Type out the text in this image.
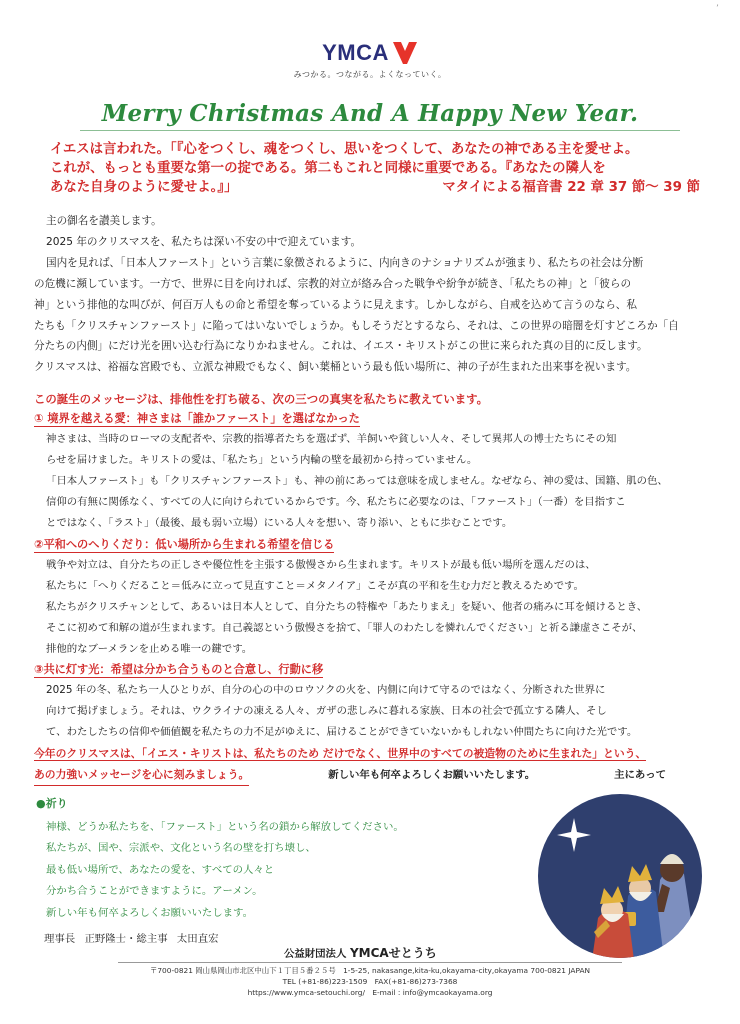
’
YMCA
みつかる。つながる。よくなっていく。
Merry Christmas And A Happy New Year.
イエスは言われた。「『心をつくし、魂をつくし、思いをつくして、あなたの神である主を愛せよ。
これが、もっとも重要な第一の掟である。第二もこれと同様に重要である。『あなたの隣人を
あなた自身のように愛せよ。』」	マタイによる福音書 22 章 37 節～ 39 節

主の御名を讃美します。

2025 年のクリスマスを、私たちは深い不安の中で迎えています。

国内を見れば、「日本人ファースト」という言葉に象徴されるように、内向きのナショナリズムが強まり、私たちの社会は分断
の危機に瀕しています。一方で、世界に目を向ければ、宗教的対立が絡み合った戦争や紛争が続き、「私たちの神」と「彼らの
神」という排他的な叫びが、何百万人もの命と希望を奪っているように見えます。しかしながら、自戒を込めて言うのなら、私
たちも「クリスチャンファースト」に陥ってはいないでしょうか。もしそうだとするなら、それは、この世界の暗闇を灯すどころか「自
分たちの内側」にだけ光を囲い込む行為になりかねません。これは、イエス・キリストがこの世に来られた真の目的に反します。
クリスマスは、裕福な宮殿でも、立派な神殿でもなく、飼い葉桶という最も低い場所に、神の子が生まれた出来事を祝います。
この誕生のメッセージは、排他性を打ち破る、次の三つの真実を私たちに教えています。
① 境界を越える愛：神さまは「誰かファースト」を選ばなかった
神さまは、当時のローマの支配者や、宗教的指導者たちを選ばず、羊飼いや貧しい人々、そして異邦人の博士たちにその知
らせを届けました。キリストの愛は、「私たち」という内輪の壁を最初から持っていません。
「日本人ファースト」も「クリスチャンファースト」も、神の前にあっては意味を成しません。なぜなら、神の愛は、国籍、肌の色、
信仰の有無に関係なく、すべての人に向けられているからです。今、私たちに必要なのは、「ファースト」（一番）を目指すこ
とではなく、「ラスト」（最後、最も弱い立場）にいる人々を想い、寄り添い、ともに歩むことです。
②平和へのへりくだり：低い場所から生まれる希望を信じる
戦争や対立は、自分たちの正しさや優位性を主張する傲慢さから生まれます。キリストが最も低い場所を選んだのは、
私たちに「へりくだること＝低みに立って見直すこと＝メタノイア」こそが真の平和を生む力だと教えるためです。
私たちがクリスチャンとして、あるいは日本人として、自分たちの特権や「あたりまえ」を疑い、他者の痛みに耳を傾けるとき、
そこに初めて和解の道が生まれます。自己義認という傲慢さを捨て、「罪人のわたしを憐れんでください」と祈る謙虚さこそが、
排他的なブーメランを止める唯一の鍵です。
③共に灯す光：希望は分かち合うものと合意し、行動に移
2025 年の冬、私たち一人ひとりが、自分の心の中のロウソクの火を、内側に向けて守るのではなく、分断された世界に
向けて掲げましょう。それは、ウクライナの凍える人々、ガザの悲しみに暮れる家族、日本の社会で孤立する隣人、そし
て、わたしたちの信仰や価値観を私たちの力不足がゆえに、届けることができていないかもしれない仲間たちに向けた光です。
今年のクリスマスは、「イエス・キリストは、私たちのため だけでなく、世界中のすべての被造物のために生まれた」という、
あの力強いメッセージを心に刻みましょう。	新しい年も何卒よろしくお願いいたします。	主にあって
●祈り
神様、どうか私たちを、「ファースト」という名の鎖から解放してください。
私たちが、国や、宗派や、文化という名の壁を打ち壊し、
最も低い場所で、あなたの愛を、すべての人々と
分かち合うことができますように。アーメン。
新しい年も何卒よろしくお願いいたします。
理事長 正野隆士・総主事 太田直宏
公益財団法人 YMCAせとうち
〒700-0821 岡山県岡山市北区中山下１丁目５番２５号　1-5-25, nakasange,kita-ku,okayama-city,okayama 700-0821 JAPAN
TEL (+81-86)223-1509　FAX(+81-86)273-7368
https://www.ymca-setouchi.org/　E-mail : info@ymcaokayama.org
